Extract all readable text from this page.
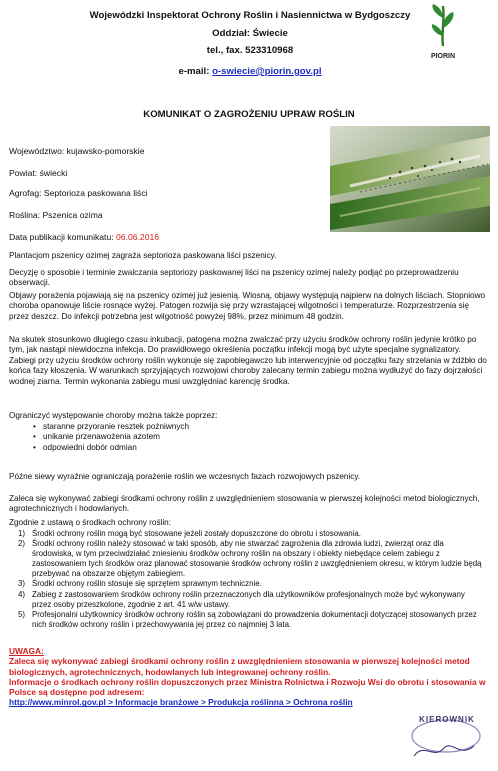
Wojewódzki Inspektorat Ochrony Roślin i Nasiennictwa w Bydgoszczy
Oddział: Świecie
tel., fax. 523310968
e-mail: o-swiecie@piorin.gov.pl
PIORIN
KOMUNIKAT O ZAGROŻENIU UPRAW ROŚLIN
Województwo: kujawsko-pomorskie
Powiat: świecki
Agrofag: Septorioza paskowana liści
Roślina: Pszenica ozima
Data publikacji komunikatu: 06.06.2016
Plantacjom pszenicy ozimej zagraża septorioza paskowana liści pszenicy.
Decyzję o sposobie i terminie zwalczania septoriozy paskowanej liści na pszenicy ozimej należy podjąć po przeprowadzeniu obserwacji.
Objawy porażenia pojawiają się na pszenicy ozimej już jesienią. Wiosną, objawy występują najpierw na dolnych liściach. Stopniowo choroba opanowuje liście rosnące wyżej. Patogen rozwija się przy wzrastającej wilgotności i temperaturze. Rozprzestrzenia się przez deszcz. Do infekcji potrzebna jest wilgotność powyżej 98%, przez minimum 48 godzin.
Na skutek stosunkowo długiego czasu inkubacji, patogena można zwalczać przy użyciu środków ochrony roślin jedynie krótko po tym, jak nastąpi niewidoczna infekcja. Do prawidłowego określenia początku infekcji mogą być użyte specjalne sygnalizatory. Zabiegi przy użyciu środków ochrony roślin wykonuje się zapobiegawczo lub interwencyjnie od początku fazy strzelania w źdźbło do końca fazy kłoszenia. W warunkach sprzyjających rozwojowi choroby zalecany termin zabiegu można wydłużyć do fazy dojrzałości wodnej ziarna. Termin wykonania zabiegu musi uwzględniać karencję środka.
Ograniczyć występowanie choroby można także poprzez:
• staranne przyoranie resztek pożniwnych
• unikanie przenawożenia azotem
• odpowiedni dobór odmian
Późne siewy wyraźnie ograniczają porażenie roślin we wczesnych fazach rozwojowych pszenicy.
Zaleca się wykonywać zabiegi środkami ochrony roślin z uwzględnieniem stosowania w pierwszej kolejności metod biologicznych, agrotechnicznych i hodowlanych.
Zgodnie z ustawą o środkach ochrony roślin:
1) Środki ochrony roślin mogą być stosowane jeżeli zostały dopuszczone do obrotu i stosowania.
2) Środki ochrony roślin należy stosować w taki sposób, aby nie stwarzać zagrożenia dla zdrowia ludzi, zwierząt oraz dla środowiska, w tym przeciwdziałać zniesieniu środków ochrony roślin na obszary i obiekty niebędące celem zabiegu z zastosowaniem tych środków oraz planować stosowanie środków ochrony roślin z uwzględnieniem okresu, w którym ludzie będą przebywać na obszarze objętym zabiegiem.
3) Środki ochrony roślin stosuje się sprzętem sprawnym technicznie.
4) Zabieg z zastosowaniem środków ochrony roślin przeznaczonych dla użytkowników profesjonalnych może być wykonywany przez osoby przeszkolone, zgodnie z art. 41 w/w ustawy.
5) Profesjonalni użytkownicy środków ochrony roślin są zobowiązani do prowadzenia dokumentacji dotyczącej stosowanych przez nich środków ochrony roślin i przechowywania jej przez co najmniej 3 lata.
UWAGA:
Zaleca się wykonywać zabiegi środkami ochrony roślin z uwzględnieniem stosowania w pierwszej kolejności metod biologicznych, agrotechnicznych, hodowlanych lub integrowanej ochrony roślin.
Informacje o środkach ochrony roślin dopuszczonych przez Ministra Rolnictwa i Rozwoju Wsi do obrotu i stosowania w Polsce są dostępne pod adresem:
http://www.minrol.gov.pl > Informacje branżowe > Produkcja roślinna > Ochrona roślin
KIEROWNIK
